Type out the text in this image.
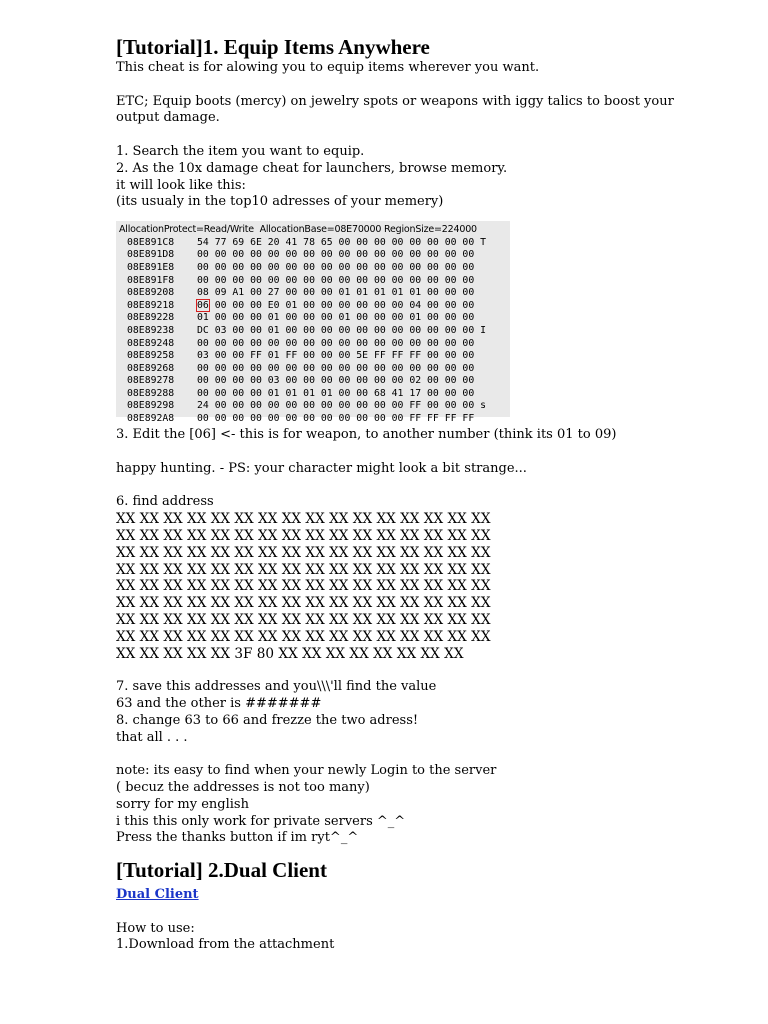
[Tutorial]1. Equip Items Anywhere
This cheat is for alowing you to equip items wherever you want.
ETC; Equip boots (mercy) on jewelry spots or weapons with iggy talics to boost your
output damage.
1. Search the item you want to equip.
2. As the 10x damage cheat for launchers, browse memory.
it will look like this:
(its usualy in the top10 adresses of your memery)
AllocationProtect=Read/Write  AllocationBase=08E70000 RegionSize=224000
08E891C8	54 77 69 6E 20 41 78 65 00 00 00 00 00 00 00 00 T
08E891D8	00 00 00 00 00 00 00 00 00 00 00 00 00 00 00 00
08E891E8	00 00 00 00 00 00 00 00 00 00 00 00 00 00 00 00
08E891F8	00 00 00 00 00 00 00 00 00 00 00 00 00 00 00 00
08E89208	08 09 A1 00 27 00 00 00 01 01 01 01 01 00 00 00
08E89218	06 00 00 00 E0 01 00 00 00 00 00 00 04 00 00 00
08E89228	01 00 00 00 01 00 00 00 01 00 00 00 01 00 00 00
08E89238	DC 03 00 00 01 00 00 00 00 00 00 00 00 00 00 00 I
08E89248	00 00 00 00 00 00 00 00 00 00 00 00 00 00 00 00
08E89258	03 00 00 FF 01 FF 00 00 00 5E FF FF FF 00 00 00
08E89268	00 00 00 00 00 00 00 00 00 00 00 00 00 00 00 00
08E89278	00 00 00 00 03 00 00 00 00 00 00 00 02 00 00 00
08E89288	00 00 00 00 01 01 01 01 00 00 68 41 17 00 00 00
08E89298	24 00 00 00 00 00 00 00 00 00 00 00 FF 00 00 00 s
08E892A8	00 00 00 00 00 00 00 00 00 00 00 00 FF FF FF FF
3. Edit the [06] <- this is for weapon, to another number (think its 01 to 09)
happy hunting. - PS: your character might look a bit strange...
6. find address
XX XX XX XX XX XX XX XX XX XX XX XX XX XX XX XX
XX XX XX XX XX XX XX XX XX XX XX XX XX XX XX XX
XX XX XX XX XX XX XX XX XX XX XX XX XX XX XX XX
XX XX XX XX XX XX XX XX XX XX XX XX XX XX XX XX
XX XX XX XX XX XX XX XX XX XX XX XX XX XX XX XX
XX XX XX XX XX XX XX XX XX XX XX XX XX XX XX XX
XX XX XX XX XX XX XX XX XX XX XX XX XX XX XX XX
XX XX XX XX XX XX XX XX XX XX XX XX XX XX XX XX
XX XX XX XX XX 3F 80 XX XX XX XX XX XX XX XX
7. save this addresses and you\\\'ll find the value
63 and the other is #######
8. change 63 to 66 and frezze the two adress!
that all . . .
note: its easy to find when your newly Login to the server
( becuz the addresses is not too many)
sorry for my english
i this this only work for private servers ^_^
Press the thanks button if im ryt^_^
[Tutorial] 2.Dual Client
Dual Client
How to use:
1.Download from the attachment
